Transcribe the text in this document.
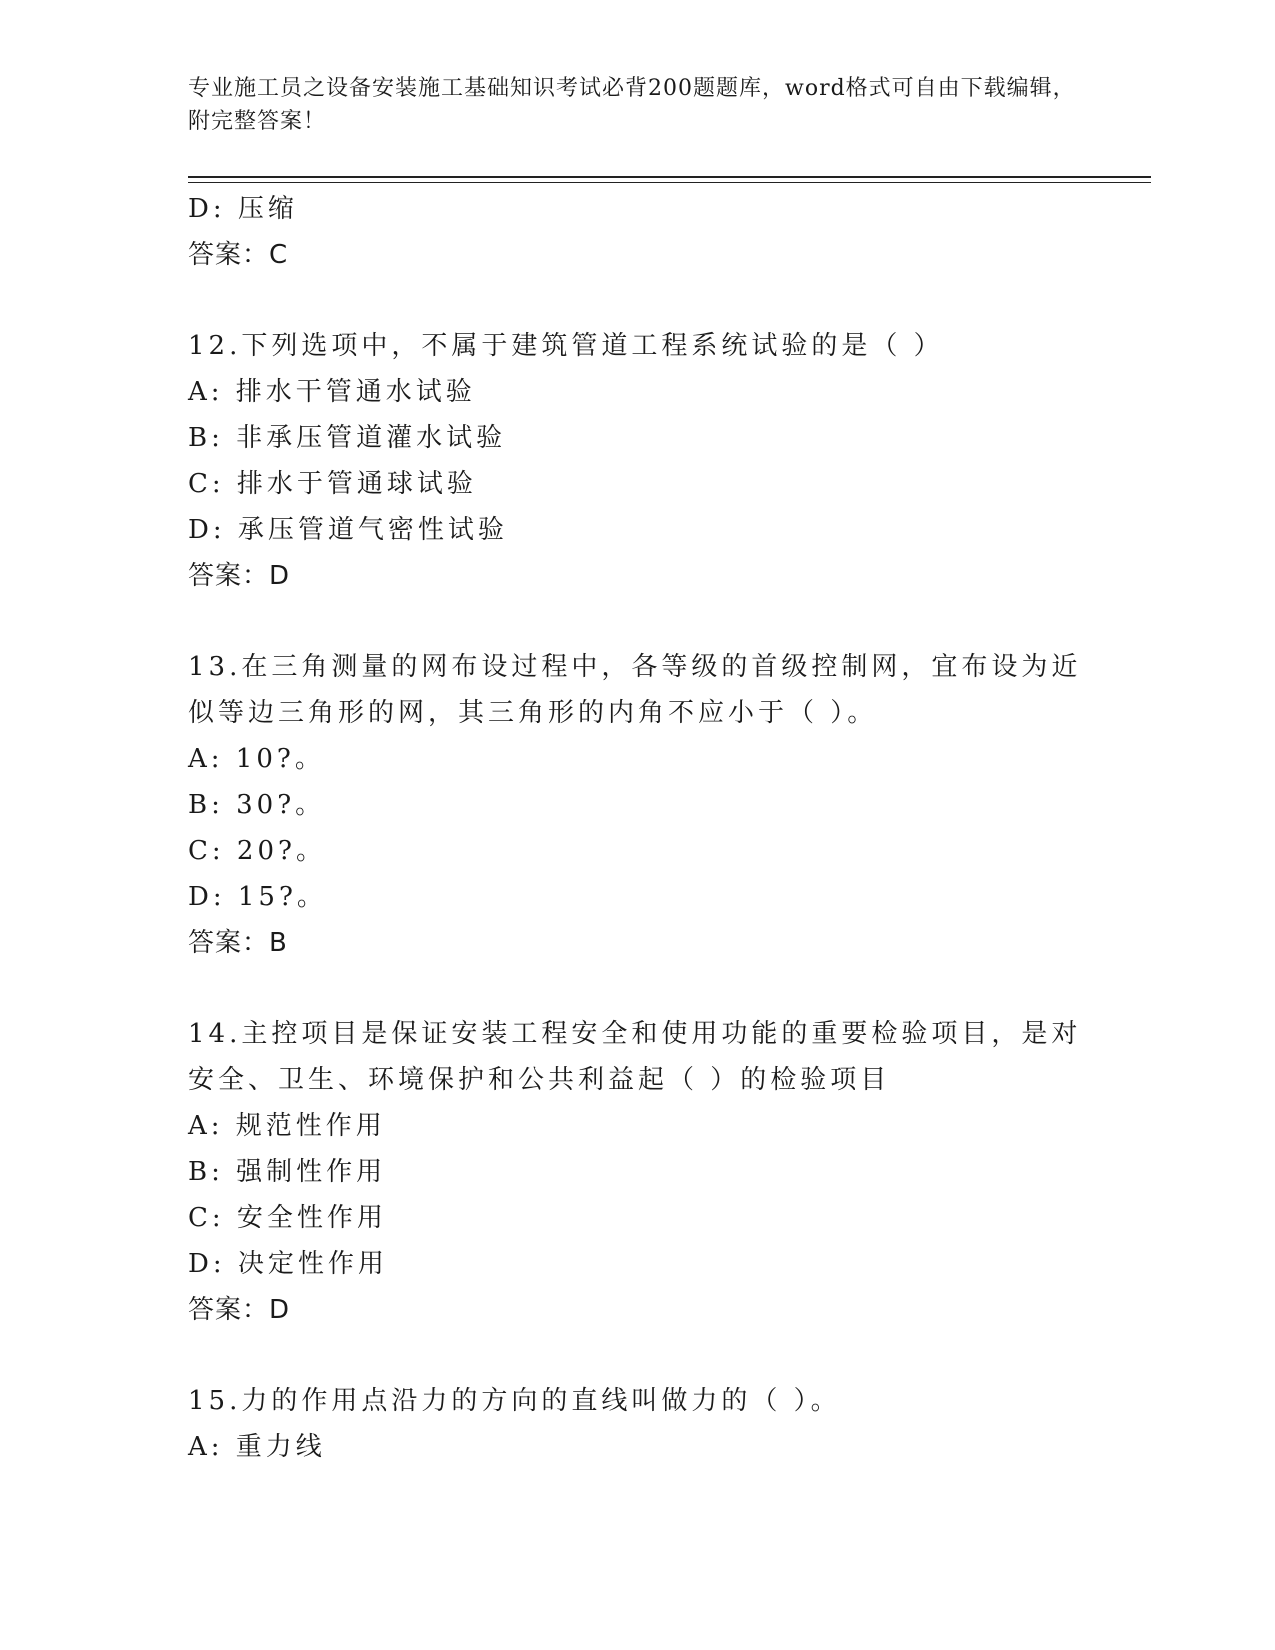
专业施工员之设备安装施工基础知识考试必背200题题库，word格式可自由下载编辑，附完整答案！
D: 压缩
答案：C
12.下列选项中，不属于建筑管道工程系统试验的是（ ）
A: 排水干管通水试验
B: 非承压管道灌水试验
C: 排水于管通球试验
D: 承压管道气密性试验
答案：D
13.在三角测量的网布设过程中，各等级的首级控制网，宜布设为近似等边三角形的网，其三角形的内角不应小于（ ）。
A: 10?。
B: 30?。
C: 20?。
D: 15?。
答案：B
14.主控项目是保证安装工程安全和使用功能的重要检验项目，是对安全、卫生、环境保护和公共利益起（ ）的检验项目
A: 规范性作用
B: 强制性作用
C: 安全性作用
D: 决定性作用
答案：D
15.力的作用点沿力的方向的直线叫做力的（ ）。
A: 重力线
